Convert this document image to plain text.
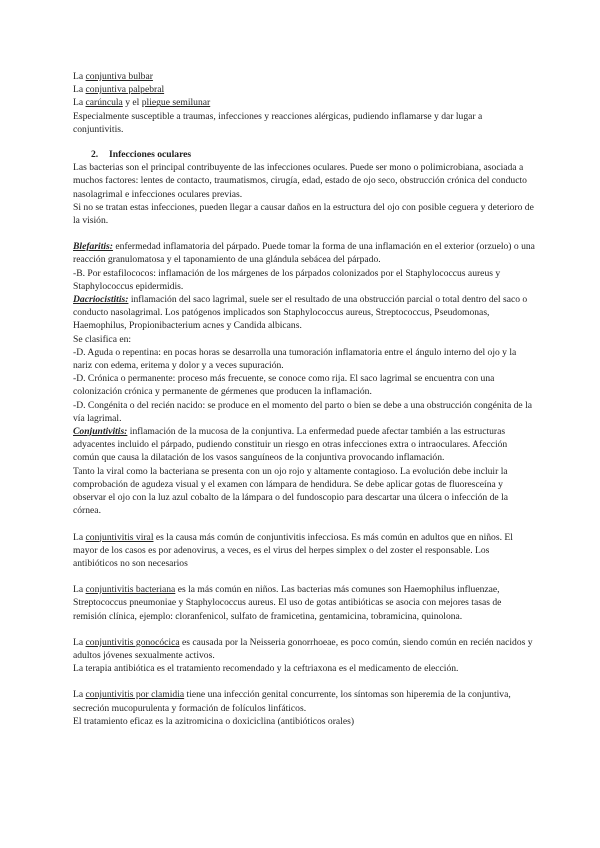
La conjuntiva bulbar

La conjuntiva palpebral

La carúncula y el pliegue semilunar

Especialmente susceptible a traumas, infecciones y reacciones alérgicas, pudiendo inflamarse y dar lugar a conjuntivitis.

2. Infecciones oculares

Las bacterias son el principal contribuyente de las infecciones oculares. Puede ser mono o polimicrobiana, asociada a muchos factores: lentes de contacto, traumatismos, cirugía, edad, estado de ojo seco, obstrucción crónica del conducto nasolagrimal e infecciones oculares previas.

Si no se tratan estas infecciones, pueden llegar a causar daños en la estructura del ojo con posible ceguera y deterioro de la visión.

Blefaritis: enfermedad inflamatoria del párpado. Puede tomar la forma de una inflamación en el exterior (orzuelo) o una reacción granulomatosa y el taponamiento de una glándula sebácea del párpado.

-B. Por estafilococos: inflamación de los márgenes de los párpados colonizados por el Staphylococcus aureus y Staphylococcus epidermidis.

Dacriocistitis: inflamación del saco lagrimal, suele ser el resultado de una obstrucción parcial o total dentro del saco o conducto nasolagrimal. Los patógenos implicados son Staphylococcus aureus, Streptococcus, Pseudomonas, Haemophilus, Propionibacterium acnes y Candida albicans.

Se clasifica en:

-D. Aguda o repentina: en pocas horas se desarrolla una tumoración inflamatoria entre el ángulo interno del ojo y la nariz con edema, eritema y dolor y a veces supuración.

-D. Crónica o permanente: proceso más frecuente, se conoce como rija. El saco lagrimal se encuentra con una colonización crónica y permanente de gérmenes que producen la inflamación.

-D. Congénita o del recién nacido: se produce en el momento del parto o bien se debe a una obstrucción congénita de la vía lagrimal.

Conjuntivitis: inflamación de la mucosa de la conjuntiva. La enfermedad puede afectar también a las estructuras adyacentes incluido el párpado, pudiendo constituir un riesgo en otras infecciones extra o intraoculares. Afección común que causa la dilatación de los vasos sanguíneos de la conjuntiva provocando inflamación.

Tanto la viral como la bacteriana se presenta con un ojo rojo y altamente contagioso. La evolución debe incluir la comprobación de agudeza visual y el examen con lámpara de hendidura. Se debe aplicar gotas de fluoresceína y observar el ojo con la luz azul cobalto de la lámpara o del fundoscopio para descartar una úlcera o infección de la córnea.

La conjuntivitis viral es la causa más común de conjuntivitis infecciosa. Es más común en adultos que en niños. El mayor de los casos es por adenovirus, a veces, es el virus del herpes simplex o del zoster el responsable. Los antibióticos no son necesarios

La conjuntivitis bacteriana es la más común en niños. Las bacterias más comunes son Haemophilus influenzae, Streptococcus pneumoniae y Staphylococcus aureus. El uso de gotas antibióticas se asocia con mejores tasas de remisión clínica, ejemplo: cloranfenicol, sulfato de framicetina, gentamicina, tobramicina, quinolona.

La conjuntivitis gonocócica es causada por la Neisseria gonorrhoeae, es poco común, siendo común en recién nacidos y adultos jóvenes sexualmente activos.

La terapia antibiótica es el tratamiento recomendado y la ceftriaxona es el medicamento de elección.

La conjuntivitis por clamidia tiene una infección genital concurrente, los síntomas son hiperemia de la conjuntiva, secreción mucopurulenta y formación de folículos linfáticos.

El tratamiento eficaz es la azitromicina o doxiciclina (antibióticos orales)
